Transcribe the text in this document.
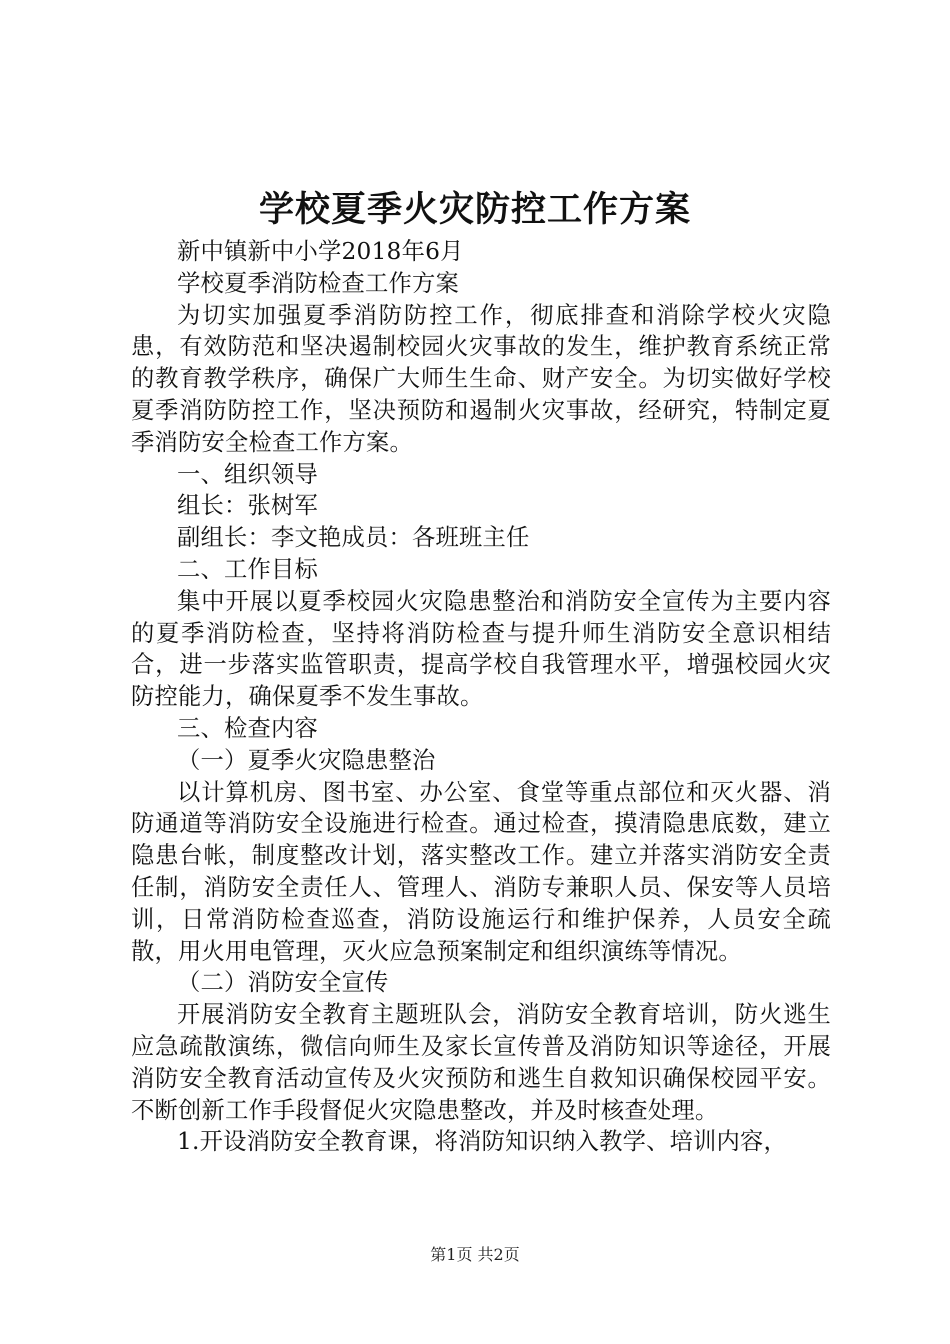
学校夏季火灾防控工作方案

新中镇新中小学2018年6月

学校夏季消防检查工作方案

为切实加强夏季消防防控工作，彻底排查和消除学校火灾隐患，有效防范和坚决遏制校园火灾事故的发生，维护教育系统正常的教育教学秩序，确保广大师生生命、财产安全。为切实做好学校夏季消防防控工作，坚决预防和遏制火灾事故，经研究，特制定夏季消防安全检查工作方案。

一、组织领导

组长：张树军

副组长：李文艳成员：各班班主任

二、工作目标

集中开展以夏季校园火灾隐患整治和消防安全宣传为主要内容的夏季消防检查，坚持将消防检查与提升师生消防安全意识相结合，进一步落实监管职责，提高学校自我管理水平，增强校园火灾防控能力，确保夏季不发生事故。

三、检查内容

（一）夏季火灾隐患整治

以计算机房、图书室、办公室、食堂等重点部位和灭火器、消防通道等消防安全设施进行检查。通过检查，摸清隐患底数，建立隐患台帐，制度整改计划，落实整改工作。建立并落实消防安全责任制，消防安全责任人、管理人、消防专兼职人员、保安等人员培训，日常消防检查巡查，消防设施运行和维护保养，人员安全疏散，用火用电管理，灭火应急预案制定和组织演练等情况。

（二）消防安全宣传

开展消防安全教育主题班队会，消防安全教育培训，防火逃生应急疏散演练，微信向师生及家长宣传普及消防知识等途径，开展消防安全教育活动宣传及火灾预防和逃生自救知识确保校园平安。不断创新工作手段督促火灾隐患整改，并及时核查处理。

1.开设消防安全教育课，将消防知识纳入教学、培训内容，

第1页 共2页
